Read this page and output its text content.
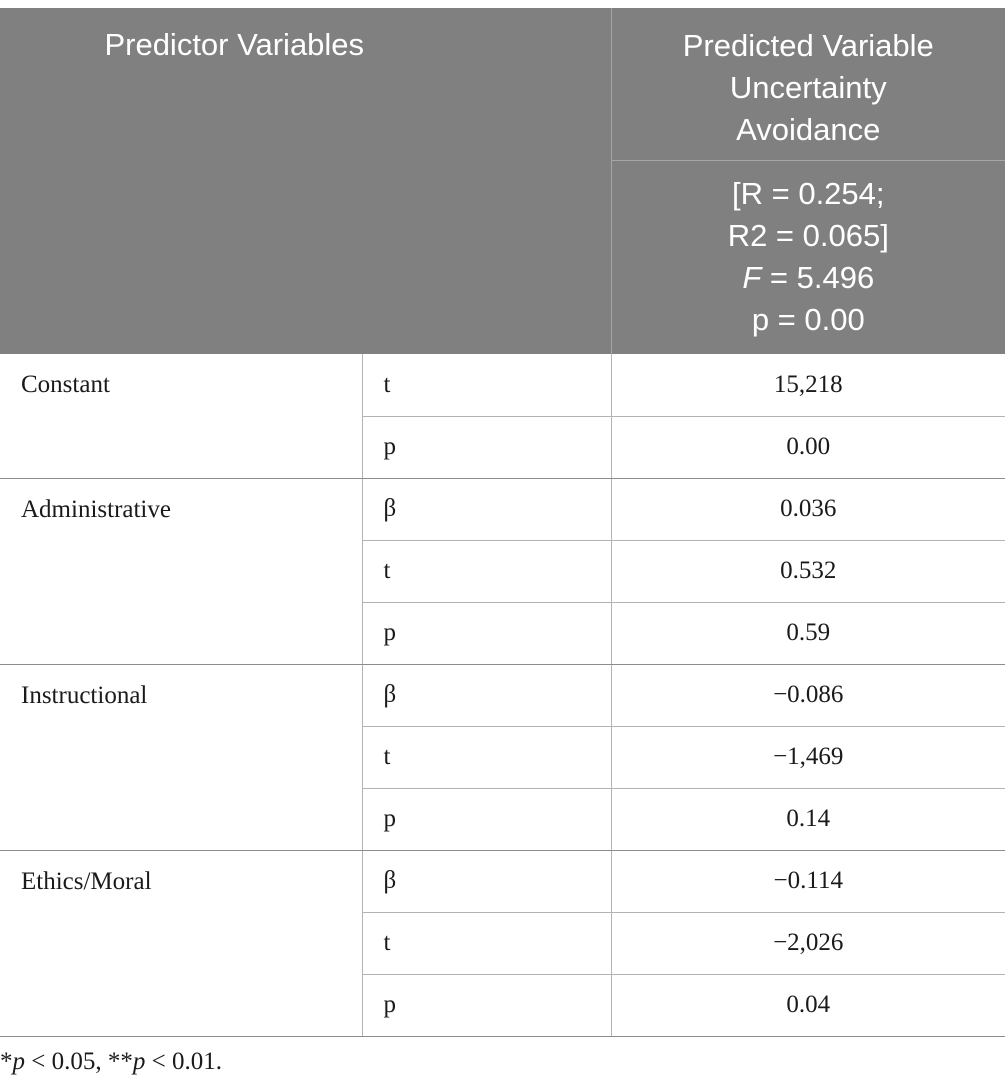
Predictor Variables		Predicted Variable
Uncertainty
Avoidance

		[R = 0.254;
R2 = 0.065]
F = 5.496
p = 0.00

Constant	t	15,218
	p	0.00
Administrative	β	0.036
	t	0.532
	p	0.59
Instructional	β	−0.086
	t	−1,469
	p	0.14
Ethics/Moral	β	−0.114
	t	−2,026
	p	0.04
*p < 0.05, **p < 0.01.
